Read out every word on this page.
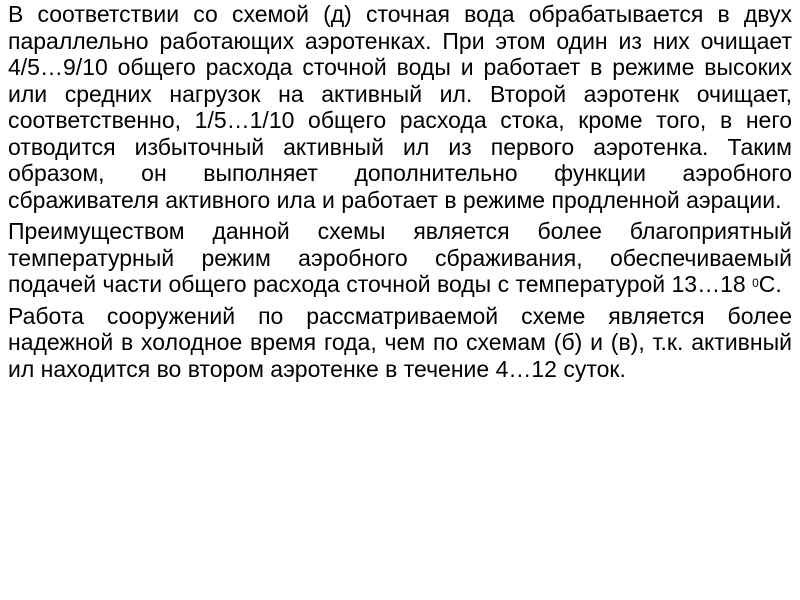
В соответствии со схемой (д) сточная вода обрабатывается в двух параллельно работающих аэротенках. При этом один из них очищает 4/5…9/10 общего расхода сточной воды и работает в режиме высоких или средних нагрузок на активный ил. Второй аэротенк очищает, соответственно, 1/5…1/10 общего расхода стока, кроме того, в него отводится избыточный активный ил из первого аэротенка. Таким образом, он выполняет дополнительно функции аэробного сбраживателя активного ила и работает в режиме продленной аэрации.

Преимуществом данной схемы является более благоприятный температурный режим аэробного сбраживания, обеспечиваемый подачей части общего расхода сточной воды с температурой 13…18 $^0$С.

Работа сооружений по рассматриваемой схеме является более надежной в холодное время года, чем по схемам (б) и (в), т.к. активный ил находится во втором аэротенке в течение 4…12 суток.
